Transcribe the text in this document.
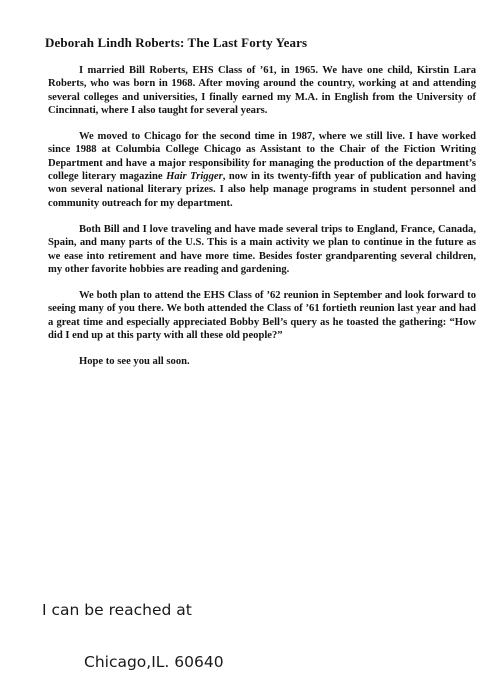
Deborah Lindh Roberts: The Last Forty Years

I married Bill Roberts, EHS Class of ’61, in 1965. We have one child, Kirstin Lara Roberts, who was born in 1968. After moving around the country, working at and attending several colleges and universities, I finally earned my M.A. in English from the University of Cincinnati, where I also taught for several years.

We moved to Chicago for the second time in 1987, where we still live. I have worked since 1988 at Columbia College Chicago as Assistant to the Chair of the Fiction Writing Department and have a major responsibility for managing the production of the department’s college literary magazine Hair Trigger, now in its twenty-fifth year of publication and having won several national literary prizes. I also help manage programs in student personnel and community outreach for my department.

Both Bill and I love traveling and have made several trips to England, France, Canada, Spain, and many parts of the U.S. This is a main activity we plan to continue in the future as we ease into retirement and have more time. Besides foster grandparenting several children, my other favorite hobbies are reading and gardening.

We both plan to attend the EHS Class of ’62 reunion in September and look forward to seeing many of you there. We both attended the Class of ’61 fortieth reunion last year and had a great time and especially appreciated Bobby Bell’s query as he toasted the gathering: “How did I end up at this party with all these old people?”

Hope to see you all soon.

I can be reached at
Chicago,IL. 60640
